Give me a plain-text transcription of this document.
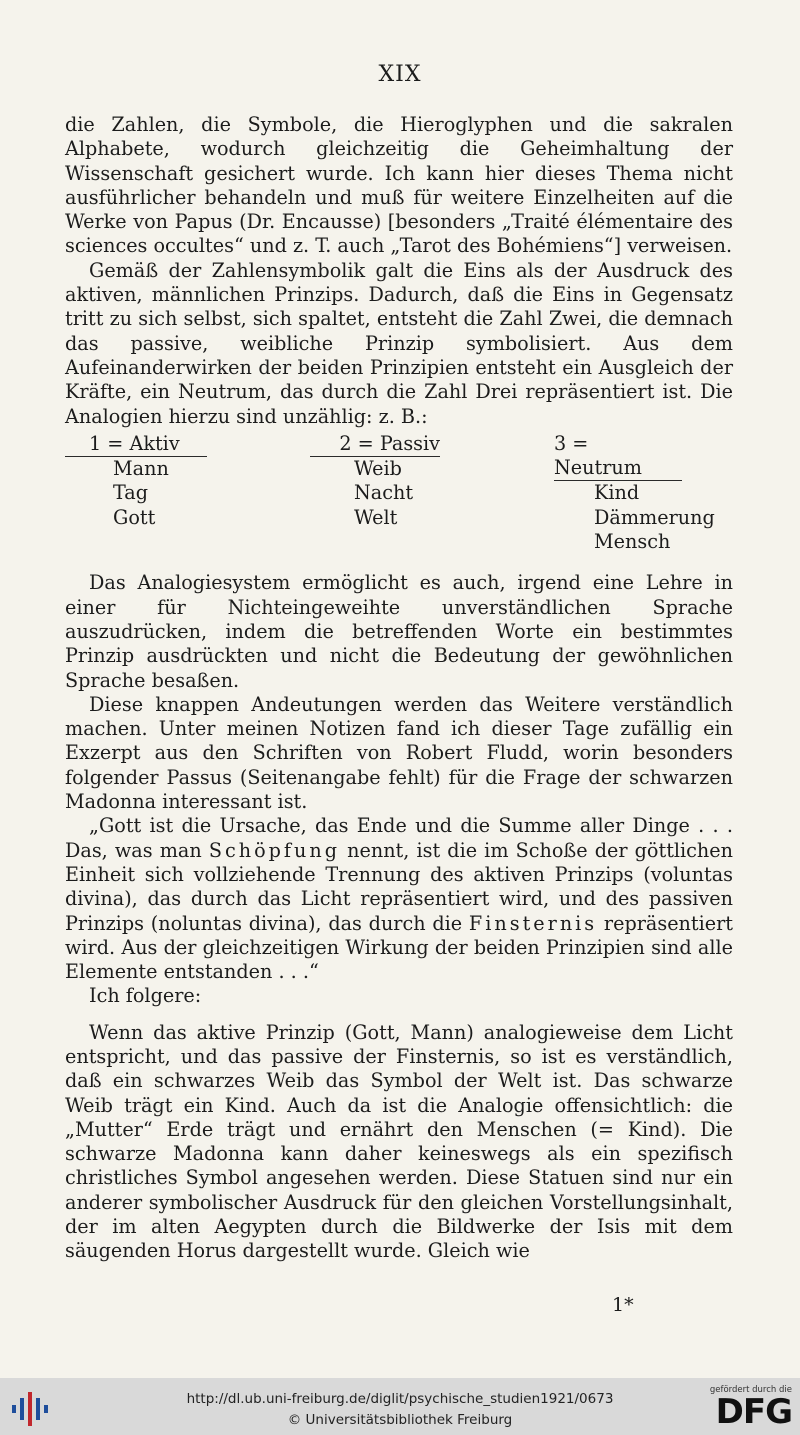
XIX

die Zahlen, die Symbole, die Hieroglyphen und die sakralen Alphabete, wodurch gleichzeitig die Geheimhaltung der Wissenschaft gesichert wurde. Ich kann hier dieses Thema nicht ausführlicher behandeln und muß für weitere Einzelheiten auf die Werke von Papus (Dr. Encausse) [besonders „Traité élémentaire des sciences occultes“ und z. T. auch „Tarot des Bohémiens“] verweisen.

Gemäß der Zahlensymbolik galt die Eins als der Ausdruck des aktiven, männlichen Prinzips. Dadurch, daß die Eins in Gegensatz tritt zu sich selbst, sich spaltet, entsteht die Zahl Zwei, die demnach das passive, weibliche Prinzip symbolisiert. Aus dem Aufeinanderwirken der beiden Prinzipien entsteht ein Ausgleich der Kräfte, ein Neutrum, das durch die Zahl Drei repräsentiert ist. Die Analogien hierzu sind unzählig: z. B.:

1 = Aktiv
Mann
Tag
Gott
2 = Passiv
Weib
Nacht
Welt
3 = Neutrum
Kind
Dämmerung
Mensch

Das Analogiesystem ermöglicht es auch, irgend eine Lehre in einer für Nichteingeweihte unverständlichen Sprache auszudrücken, indem die betreffenden Worte ein bestimmtes Prinzip ausdrückten und nicht die Bedeutung der gewöhnlichen Sprache besaßen.

Diese knappen Andeutungen werden das Weitere verständlich machen. Unter meinen Notizen fand ich dieser Tage zufällig ein Exzerpt aus den Schriften von Robert Fludd, worin besonders folgender Passus (Seitenangabe fehlt) für die Frage der schwarzen Madonna interessant ist.

„Gott ist die Ursache, das Ende und die Summe aller Dinge . . . Das, was man Schöpfung nennt, ist die im Schoße der göttlichen Einheit sich vollziehende Trennung des aktiven Prinzips (voluntas divina), das durch das Licht repräsentiert wird, und des passiven Prinzips (noluntas divina), das durch die Finsternis repräsentiert wird. Aus der gleichzeitigen Wirkung der beiden Prinzipien sind alle Elemente entstanden . . .“

Ich folgere:

Wenn das aktive Prinzip (Gott, Mann) analogieweise dem Licht entspricht, und das passive der Finsternis, so ist es verständlich, daß ein schwarzes Weib das Symbol der Welt ist. Das schwarze Weib trägt ein Kind. Auch da ist die Analogie offensichtlich: die „Mutter“ Erde trägt und ernährt den Menschen (= Kind). Die schwarze Madonna kann daher keineswegs als ein spezifisch christliches Symbol angesehen werden. Diese Statuen sind nur ein anderer symbolischer Ausdruck für den gleichen Vorstellungsinhalt, der im alten Aegypten durch die Bildwerke der Isis mit dem säugenden Horus dargestellt wurde. Gleich wie

1*
http://dl.ub.uni-freiburg.de/diglit/psychische_studien1921/0673
© Universitätsbibliothek Freiburg
gefördert durch die
DFG
